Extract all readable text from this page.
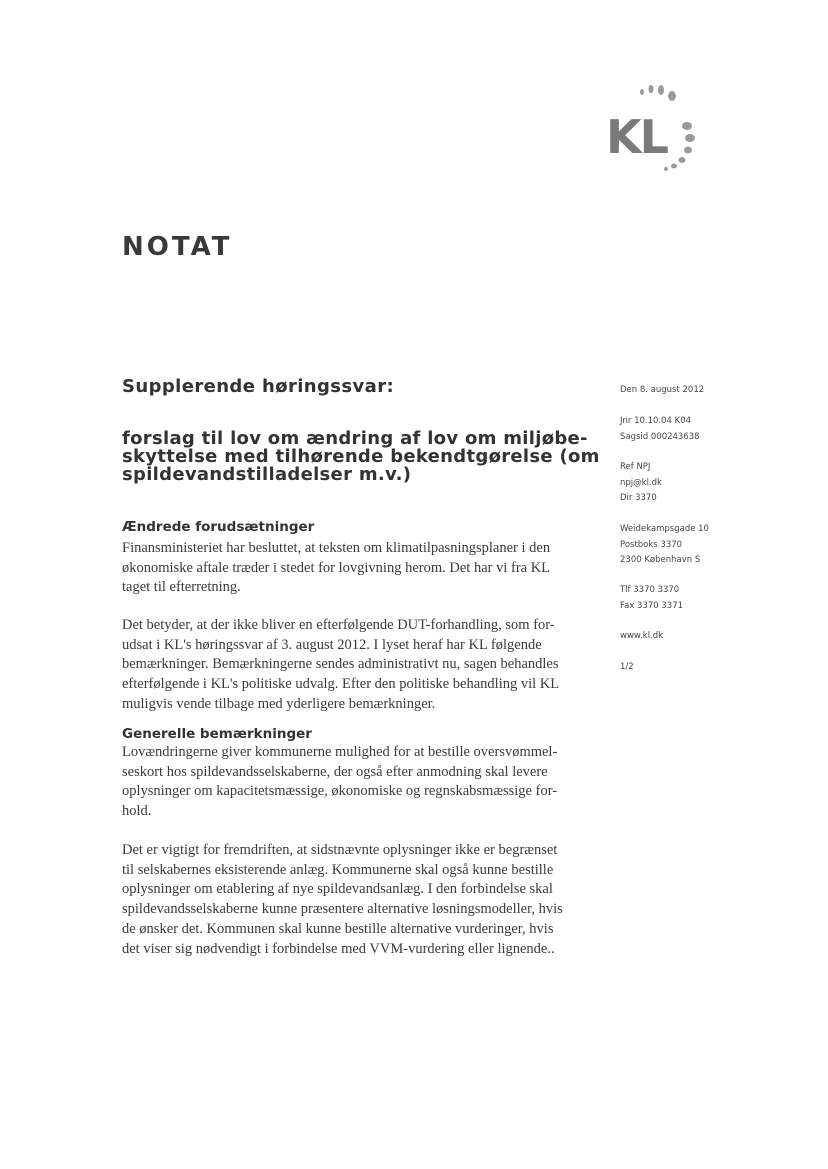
KL
NOTAT
Supplerende høringssvar:
forslag til lov om ændring af lov om miljøbe-
skyttelse med tilhørende bekendtgørelse (om
spildevandstilladelser m.v.)
Ændrede forudsætninger
Finansministeriet har besluttet, at teksten om klimatilpasningsplaner i den
økonomiske aftale træder i stedet for lovgivning herom. Det har vi fra KL
taget til efterretning.
Det betyder, at der ikke bliver en efterfølgende DUT-forhandling, som for-
udsat i KL's høringssvar af 3. august 2012. I lyset heraf har KL følgende
bemærkninger. Bemærkningerne sendes administrativt nu, sagen behandles
efterfølgende i KL's politiske udvalg. Efter den politiske behandling vil KL
muligvis vende tilbage med yderligere bemærkninger.
Generelle bemærkninger
Lovændringerne giver kommunerne mulighed for at bestille oversvømmel-
seskort hos spildevandsselskaberne, der også efter anmodning skal levere
oplysninger om kapacitetsmæssige, økonomiske og regnskabsmæssige for-
hold.
Det er vigtigt for fremdriften, at sidstnævnte oplysninger ikke er begrænset
til selskabernes eksisterende anlæg. Kommunerne skal også kunne bestille
oplysninger om etablering af nye spildevandsanlæg. I den forbindelse skal
spildevandsselskaberne kunne præsentere alternative løsningsmodeller, hvis
de ønsker det. Kommunen skal kunne bestille alternative vurderinger, hvis
det viser sig nødvendigt i forbindelse med VVM-vurdering eller lignende..
Den 8. august 2012
Jnr 10.10.04 K04
Sagsid 000243638
Ref NPJ
npj@kl.dk
Dir 3370
Weidekampsgade 10
Postboks 3370
2300 København S
Tlf 3370 3370
Fax 3370 3371
www.kl.dk
1/2
